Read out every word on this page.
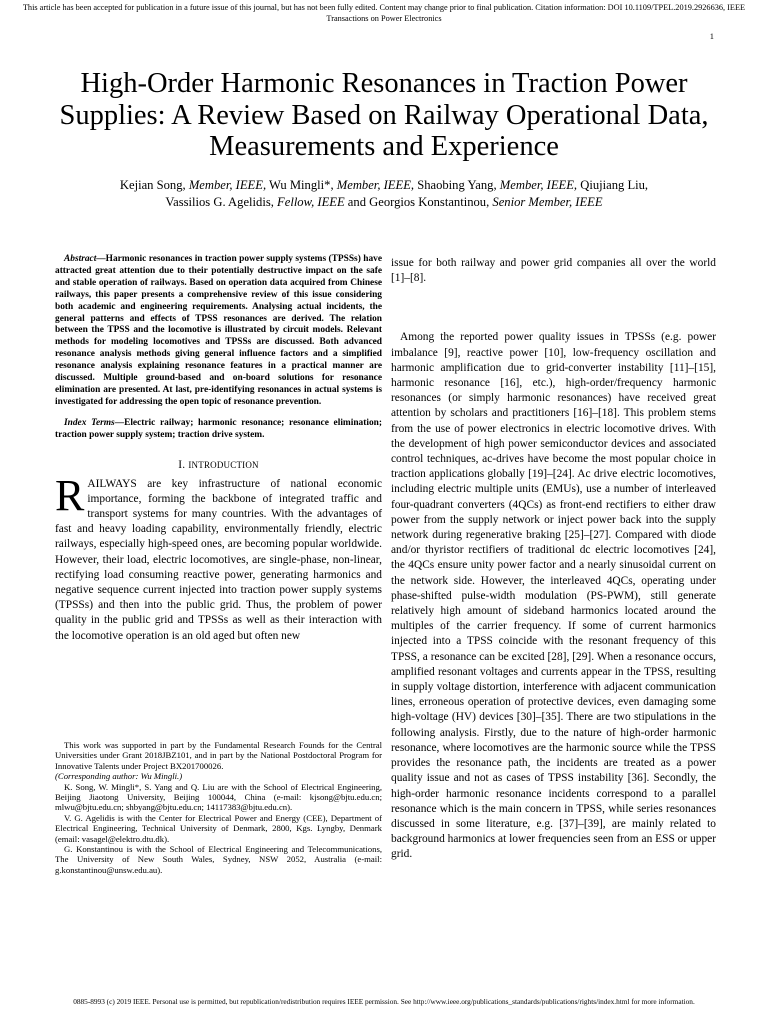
This article has been accepted for publication in a future issue of this journal, but has not been fully edited. Content may change prior to final publication. Citation information: DOI 10.1109/TPEL.2019.2926636, IEEE Transactions on Power Electronics
1
High-Order Harmonic Resonances in Traction Power Supplies: A Review Based on Railway Operational Data, Measurements and Experience
Kejian Song, Member, IEEE, Wu Mingli*, Member, IEEE, Shaobing Yang, Member, IEEE, Qiujiang Liu,
Vassilios G. Agelidis, Fellow, IEEE and Georgios Konstantinou, Senior Member, IEEE

Abstract—Harmonic resonances in traction power supply systems (TPSSs) have attracted great attention due to their potentially destructive impact on the safe and stable operation of railways. Based on operation data acquired from Chinese railways, this paper presents a comprehensive review of this issue considering both academic and engineering requirements. Analysing actual incidents, the general patterns and effects of TPSS resonances are derived. The relation between the TPSS and the locomotive is illustrated by circuit models. Relevant methods for modeling locomotives and TPSSs are discussed. Both advanced resonance analysis methods giving general influence factors and a simplified resonance analysis explaining resonance features in a practical manner are discussed. Multiple ground-based and on-board solutions for resonance elimination are presented. At last, pre-identifying resonances in actual systems is investigated for addressing the open topic of resonance prevention.

Index Terms—Electric railway; harmonic resonance; resonance elimination; traction power supply system; traction drive system.

I. INTRODUCTION

RAILWAYS are key infrastructure of national economic importance, forming the backbone of integrated traffic and transport systems for many countries. With the advantages of fast and heavy loading capability, environmentally friendly, electric railways, especially high-speed ones, are becoming popular worldwide. However, their load, electric locomotives, are single-phase, non-linear, rectifying load consuming reactive power, generating harmonics and negative sequence current injected into traction power supply systems (TPSSs) and then into the public grid. Thus, the problem of power quality in the public grid and TPSSs as well as their interaction with the locomotive operation is an old aged but often new

This work was supported in part by the Fundamental Research Founds for the Central Universities under Grant 2018JBZ101, and in part by the National Postdoctoral Program for Innovative Talents under Project BX201700026.

(Corresponding author: Wu Mingli.)

K. Song, W. Mingli*, S. Yang and Q. Liu are with the School of Electrical Engineering, Beijing Jiaotong University, Beijing 100044, China (e-mail: kjsong@bjtu.edu.cn; mlwu@bjtu.edu.cn; shbyang@bjtu.edu.cn; 14117383@bjtu.edu.cn).

V. G. Agelidis is with the Center for Electrical Power and Energy (CEE), Department of Electrical Engineering, Technical University of Denmark, 2800, Kgs. Lyngby, Denmark (email: vasagel@elektro.dtu.dk).

G. Konstantinou is with the School of Electrical Engineering and Telecommunications, The University of New South Wales, Sydney, NSW 2052, Australia (e-mail: g.konstantinou@unsw.edu.au).

issue for both railway and power grid companies all over the world [1]–[8].

Among the reported power quality issues in TPSSs (e.g. power imbalance [9], reactive power [10], low-frequency oscillation and harmonic amplification due to grid-converter instability [11]–[15], harmonic resonance [16], etc.), high-order/frequency harmonic resonances (or simply harmonic resonances) have received great attention by scholars and practitioners [16]–[18]. This problem stems from the use of power electronics in electric locomotive drives. With the development of high power semiconductor devices and associated control techniques, ac-drives have become the most popular choice in traction applications globally [19]–[24]. Ac drive electric locomotives, including electric multiple units (EMUs), use a number of interleaved four-quadrant converters (4QCs) as front-end rectifiers to either draw power from the supply network or inject power back into the supply network during regenerative braking [25]–[27]. Compared with diode and/or thyristor rectifiers of traditional dc electric locomotives [24], the 4QCs ensure unity power factor and a nearly sinusoidal current on the network side. However, the interleaved 4QCs, operating under phase-shifted pulse-width modulation (PS-PWM), still generate relatively high amount of sideband harmonics located around the multiples of the carrier frequency. If some of current harmonics injected into a TPSS coincide with the resonant frequency of this TPSS, a resonance can be excited [28], [29]. When a resonance occurs, amplified resonant voltages and currents appear in the TPSS, resulting in supply voltage distortion, interference with adjacent communication lines, erroneous operation of protective devices, even damaging some high-voltage (HV) devices [30]–[35]. There are two stipulations in the following analysis. Firstly, due to the nature of high-order harmonic resonance, where locomotives are the harmonic source while the TPSS provides the resonance path, the incidents are treated as a power quality issue and not as cases of TPSS instability [36]. Secondly, the high-order harmonic resonance incidents correspond to a parallel resonance which is the main concern in TPSS, while series resonances discussed in some literature, e.g. [37]–[39], are mainly related to background harmonics at lower frequencies seen from an ESS or upper grid.

0885-8993 (c) 2019 IEEE. Personal use is permitted, but republication/redistribution requires IEEE permission. See http://www.ieee.org/publications_standards/publications/rights/index.html for more information.
